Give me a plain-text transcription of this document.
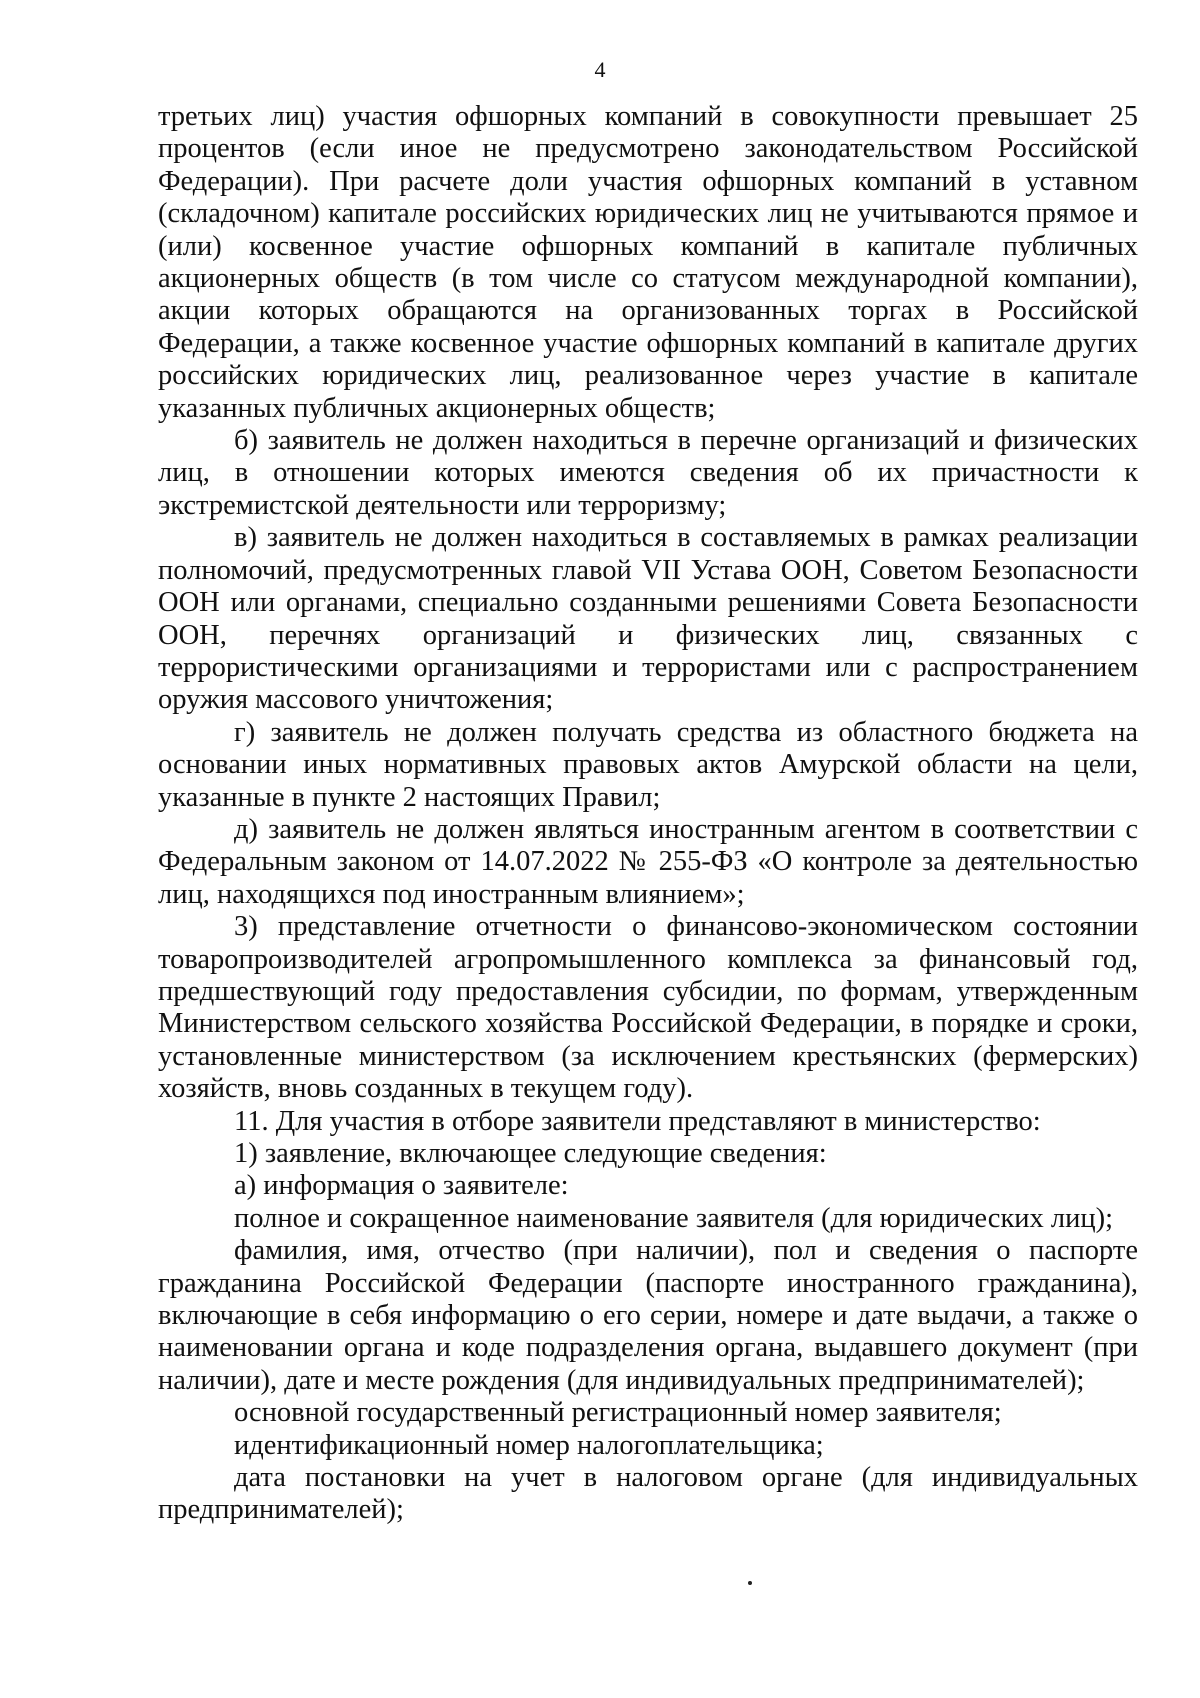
4

третьих лиц) участия офшорных компаний в совокупности превышает 25 процентов (если иное не предусмотрено законодательством Российской Федерации). При расчете доли участия офшорных компаний в уставном (складочном) капитале российских юридических лиц не учитываются прямое и (или) косвенное участие офшорных компаний в капитале публичных акционерных обществ (в том числе со статусом международной компании), акции которых обращаются на организованных торгах в Российской Федерации, а также косвенное участие офшорных компаний в капитале других российских юридических лиц, реализованное через участие в капитале указанных публичных акционерных обществ;

б) заявитель не должен находиться в перечне организаций и физических лиц, в отношении которых имеются сведения об их причастности к экстремистской деятельности или терроризму;

в) заявитель не должен находиться в составляемых в рамках реализации полномочий, предусмотренных главой VII Устава ООН, Советом Безопасности ООН или органами, специально созданными решениями Совета Безопасности ООН, перечнях организаций и физических лиц, связанных с террористическими организациями и террористами или с распространением оружия массового уничтожения;

г) заявитель не должен получать средства из областного бюджета на основании иных нормативных правовых актов Амурской области на цели, указанные в пункте 2 настоящих Правил;

д) заявитель не должен являться иностранным агентом в соответствии с Федеральным законом от 14.07.2022 № 255-ФЗ «О контроле за деятельностью лиц, находящихся под иностранным влиянием»;

3) представление отчетности о финансово-экономическом состоянии товаропроизводителей агропромышленного комплекса за финансовый год, предшествующий году предоставления субсидии, по формам, утвержденным Министерством сельского хозяйства Российской Федерации, в порядке и сроки, установленные министерством (за исключением крестьянских (фермерских) хозяйств, вновь созданных в текущем году).

11. Для участия в отборе заявители представляют в министерство:

1) заявление, включающее следующие сведения:

а) информация о заявителе:

полное и сокращенное наименование заявителя (для юридических лиц);

фамилия, имя, отчество (при наличии), пол и сведения о паспорте гражданина Российской Федерации (паспорте иностранного гражданина), включающие в себя информацию о его серии, номере и дате выдачи, а также о наименовании органа и коде подразделения органа, выдавшего документ (при наличии), дате и месте рождения (для индивидуальных предпринимателей);

основной государственный регистрационный номер заявителя;

идентификационный номер налогоплательщика;

дата постановки на учет в налоговом органе (для индивидуальных предпринимателей);
